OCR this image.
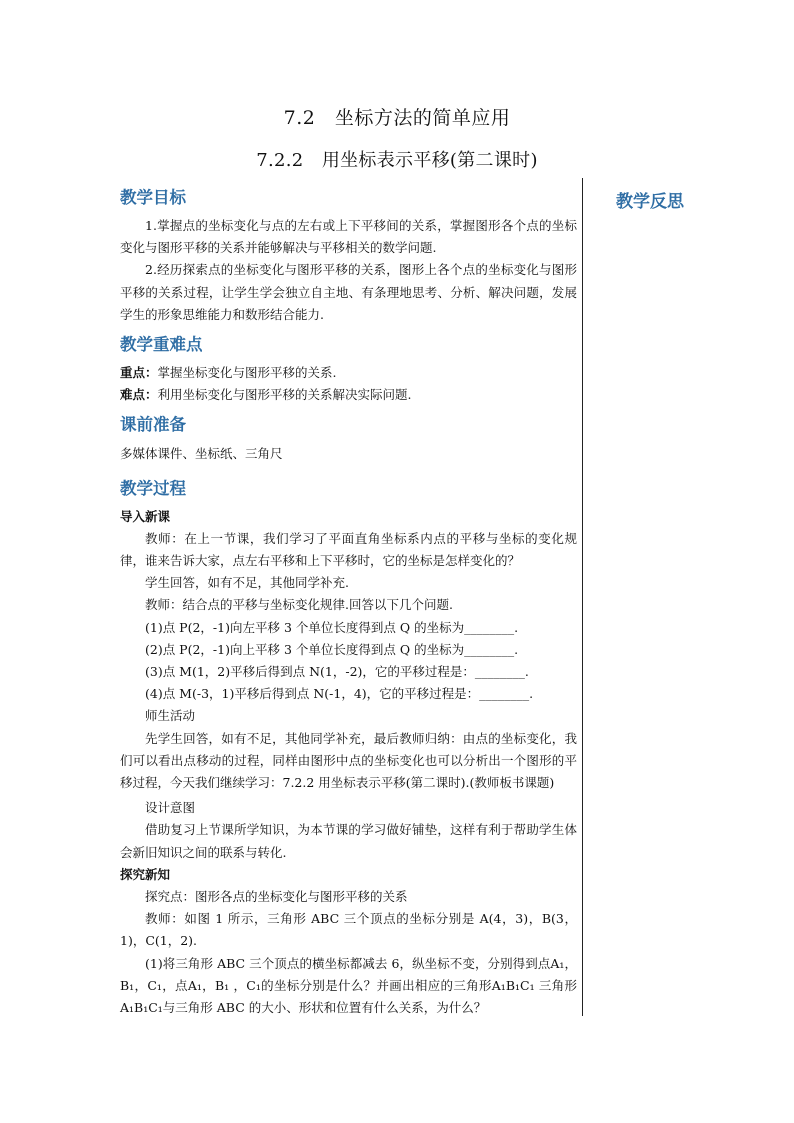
7.2　坐标方法的简单应用
7.2.2　用坐标表示平移(第二课时)
教学反思
教学目标

1.掌握点的坐标变化与点的左右或上下平移间的关系，掌握图形各个点的坐标变化与图形平移的关系并能够解决与平移相关的数学问题.

2.经历探索点的坐标变化与图形平移的关系，图形上各个点的坐标变化与图形平移的关系过程，让学生学会独立自主地、有条理地思考、分析、解决问题，发展学生的形象思维能力和数形结合能力.

教学重难点

重点：掌握坐标变化与图形平移的关系.

难点：利用坐标变化与图形平移的关系解决实际问题.

课前准备

多媒体课件、坐标纸、三角尺

教学过程

导入新课

教师：在上一节课，我们学习了平面直角坐标系内点的平移与坐标的变化规律，谁来告诉大家，点左右平移和上下平移时，它的坐标是怎样变化的？

学生回答，如有不足，其他同学补充.

教师：结合点的平移与坐标变化规律.回答以下几个问题.

(1)点 P(2，-1)向左平移 3 个单位长度得到点 Q 的坐标为________.

(2)点 P(2，-1)向上平移 3 个单位长度得到点 Q 的坐标为________.

(3)点 M(1，2)平移后得到点 N(1，-2)，它的平移过程是：________.

(4)点 M(-3，1)平移后得到点 N(-1，4)，它的平移过程是：________.

师生活动

先学生回答，如有不足，其他同学补充，最后教师归纳：由点的坐标变化，我们可以看出点移动的过程，同样由图形中点的坐标变化也可以分析出一个图形的平移过程，今天我们继续学习：7.2.2 用坐标表示平移(第二课时).(教师板书课题)

设计意图

借助复习上节课所学知识，为本节课的学习做好铺垫，这样有利于帮助学生体会新旧知识之间的联系与转化.

探究新知

探究点：图形各点的坐标变化与图形平移的关系

教师：如图 1 所示，三角形 ABC 三个顶点的坐标分别是 A(4，3)，B(3，1)，C(1，2).

(1)将三角形 ABC 三个顶点的横坐标都减去 6，纵坐标不变，分别得到点A₁，B₁，C₁，点A₁，B₁ ，C₁的坐标分别是什么？并画出相应的三角形A₁B₁C₁ 三角形A₁B₁C₁与三角形 ABC 的大小、形状和位置有什么关系，为什么？
